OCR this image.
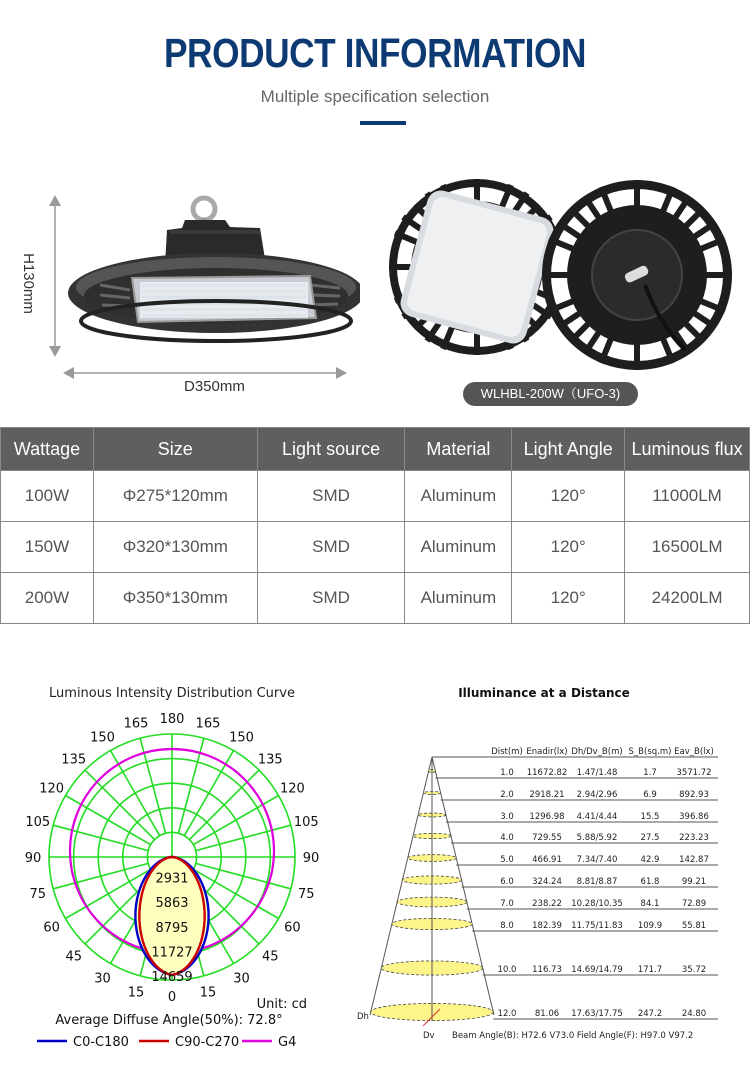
PRODUCT INFORMATION
Multiple specification selection
H130mm
D350mm	WLHBL-200W（UFO-3)
Wattage	Size	Light source	Material	Light Angle	Luminous flux
100W	Φ275*120mm	SMD	Aluminum	120°	11000LM
150W	Φ320*130mm	SMD	Aluminum	120°	16500LM
200W	Φ350*130mm	SMD	Aluminum	120°	24200LM
Luminous Intensity Distribution Curve
2931
5863
8795
11727
14659
180
165
150
135
120
105
90
75
60
45
30
15 0
165
150
135
120
105
90
75
60
45
30
15
Unit: cd
Average Diffuse Angle(50%): 72.8°
C0-C180	C90-C270	G4
Illuminance at a Distance
Dist(m) Enadir(lx) Dh/Dv_B(m) S_B(sq.m) Eav_B(lx)
1.0 11672.82 1.47/1.48	1.7 3571.72
2.0 2918.21 2.94/2.96	6.9	892.93
3.0 1296.98 4.41/4.44	15.5 396.86
4.0 729.55 5.88/5.92	27.5 223.23
5.0 466.91 7.34/7.40	42.9 142.87
6.0 324.24 8.81/8.87	61.8	99.21
7.0 238.22 10.28/10.35 84.1	72.89
8.0 182.39 11.75/11.83 109.9 55.81
10.0 116.73 14.69/14.79 171.7 35.72
12.0 81.06 17.63/17.75 247.2 24.80
Dh
Dv Beam Angle(B): H72.6 V73.0 Field Angle(F): H97.0 V97.2
